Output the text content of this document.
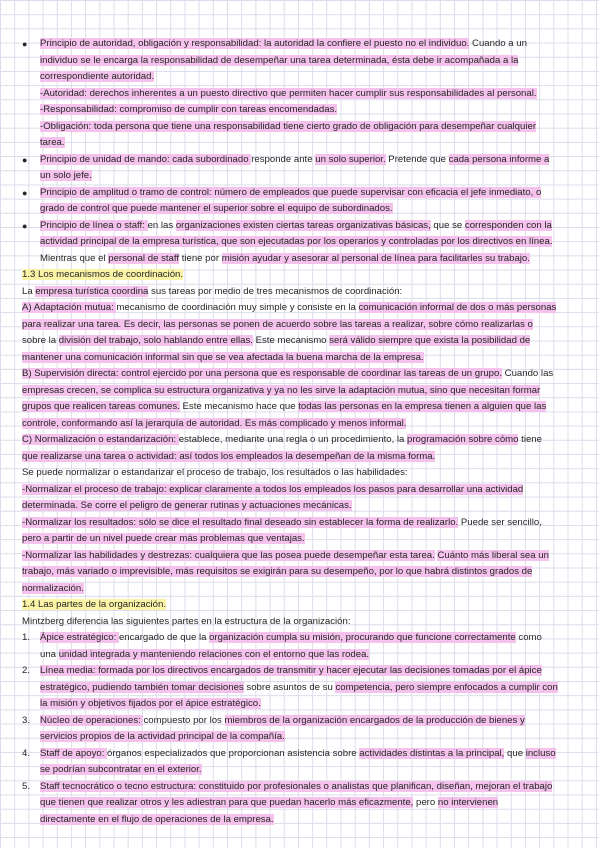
● Principio de autoridad, obligación y responsabilidad: la autoridad la confiere el puesto no el individuo. Cuando a un
individuo se le encarga la responsabilidad de desempeñar una tarea determinada, ésta debe ir acompañada a la
correspondiente autoridad.
-Autoridad: derechos inherentes a un puesto directivo que permiten hacer cumplir sus responsabilidades al personal.
-Responsabilidad: compromiso de cumplir con tareas encomendadas.
-Obligación: toda persona que tiene una responsabilidad tiene cierto grado de obligación para desempeñar cualquier
tarea.
● Principio de unidad de mando: cada subordinado responde ante un solo superior. Pretende que cada persona informe a
un solo jefe.
● Principio de amplitud o tramo de control: número de empleados que puede supervisar con eficacia el jefe inmediato, o
grado de control que puede mantener el superior sobre el equipo de subordinados.
● Principio de línea o staff: en las organizaciones existen ciertas tareas organizativas básicas, que se corresponden con la
actividad principal de la empresa turística, que son ejecutadas por los operarios y controladas por los directivos en línea.
Mientras que el personal de staff tiene por misión ayudar y asesorar al personal de línea para facilitarles su trabajo.
1.3 Los mecanismos de coordinación.
La empresa turística coordina sus tareas por medio de tres mecanismos de coordinación:
A) Adaptación mutua: mecanismo de coordinación muy simple y consiste en la comunicación informal de dos o más personas
para realizar una tarea. Es decir, las personas se ponen de acuerdo sobre las tareas a realizar, sobre cómo realizarlas o
sobre la división del trabajo, solo hablando entre ellas. Este mecanismo será válido siempre que exista la posibilidad de
mantener una comunicación informal sin que se vea afectada la buena marcha de la empresa.
B) Supervisión directa: control ejercido por una persona que es responsable de coordinar las tareas de un grupo. Cuando las
empresas crecen, se complica su estructura organizativa y ya no les sirve la adaptación mutua, sino que necesitan formar
grupos que realicen tareas comunes. Este mecanismo hace que todas las personas en la empresa tienen a alguien que las
controle, conformando así la jerarquía de autoridad. Es más complicado y menos informal.
C) Normalización o estandarización: establece, mediante una regla o un procedimiento, la programación sobre cómo tiene
que realizarse una tarea o actividad: así todos los empleados la desempeñan de la misma forma.
Se puede normalizar o estandarizar el proceso de trabajo, los resultados o las habilidades:
-Normalizar el proceso de trabajo: explicar claramente a todos los empleados los pasos para desarrollar una actividad
determinada. Se corre el peligro de generar rutinas y actuaciones mecánicas.
-Normalizar los resultados: sólo se dice el resultado final deseado sin establecer la forma de realizarlo. Puede ser sencillo,
pero a partir de un nivel puede crear más problemas que ventajas.
-Normalizar las habilidades y destrezas: cualquiera que las posea puede desempeñar esta tarea. Cuánto más liberal sea un
trabajo, más variado o imprevisible, más requisitos se exigirán para su desempeño, por lo que habrá distintos grados de
normalización.
1.4 Las partes de la organización.
Mintzberg diferencia las siguientes partes en la estructura de la organización:
1. Ápice estratégico: encargado de que la organización cumpla su misión, procurando que funcione correctamente como
una unidad integrada y manteniendo relaciones con el entorno que las rodea.
2. Línea media: formada por los directivos encargados de transmitir y hacer ejecutar las decisiones tomadas por el ápice
estratégico, pudiendo también tomar decisiones sobre asuntos de su competencia, pero siempre enfocados a cumplir con
la misión y objetivos fijados por el ápice estratégico.
3. Núcleo de operaciones: compuesto por los miembros de la organización encargados de la producción de bienes y
servicios propios de la actividad principal de la compañía.
4. Staff de apoyo: órganos especializados que proporcionan asistencia sobre actividades distintas a la principal, que incluso
se podrían subcontratar en el exterior.
5. Staff tecnocrático o tecno estructura: constituido por profesionales o analistas que planifican, diseñan, mejoran el trabajo
que tienen que realizar otros y les adiestran para que puedan hacerlo más eficazmente, pero no intervienen
directamente en el flujo de operaciones de la empresa.
